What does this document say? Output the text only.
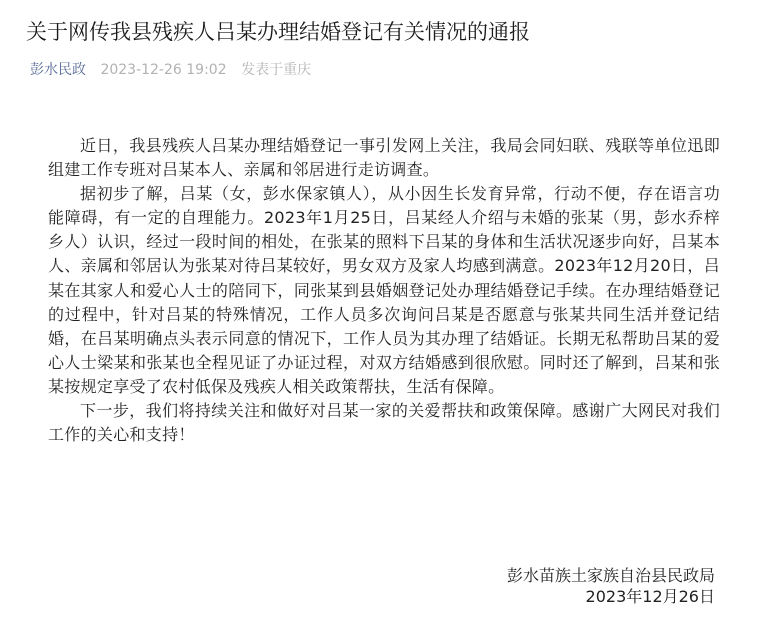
关于网传我县残疾人吕某办理结婚登记有关情况的通报
彭水民政 2023-12-26 19:02 发表于重庆

近日，我县残疾人吕某办理结婚登记一事引发网上关注，我局会同妇联、残联等单位迅即组建工作专班对吕某本人、亲属和邻居进行走访调查。

据初步了解，吕某（女，彭水保家镇人），从小因生长发育异常，行动不便，存在语言功能障碍，有一定的自理能力。2023年1月25日，吕某经人介绍与未婚的张某（男，彭水乔梓乡人）认识，经过一段时间的相处，在张某的照料下吕某的身体和生活状况逐步向好，吕某本人、亲属和邻居认为张某对待吕某较好，男女双方及家人均感到满意。2023年12月20日，吕某在其家人和爱心人士的陪同下，同张某到县婚姻登记处办理结婚登记手续。在办理结婚登记的过程中，针对吕某的特殊情况，工作人员多次询问吕某是否愿意与张某共同生活并登记结婚，在吕某明确点头表示同意的情况下，工作人员为其办理了结婚证。长期无私帮助吕某的爱心人士梁某和张某也全程见证了办证过程，对双方结婚感到很欣慰。同时还了解到，吕某和张某按规定享受了农村低保及残疾人相关政策帮扶，生活有保障。

下一步，我们将持续关注和做好对吕某一家的关爱帮扶和政策保障。感谢广大网民对我们工作的关心和支持！

彭水苗族土家族自治县民政局
2023年12月26日
